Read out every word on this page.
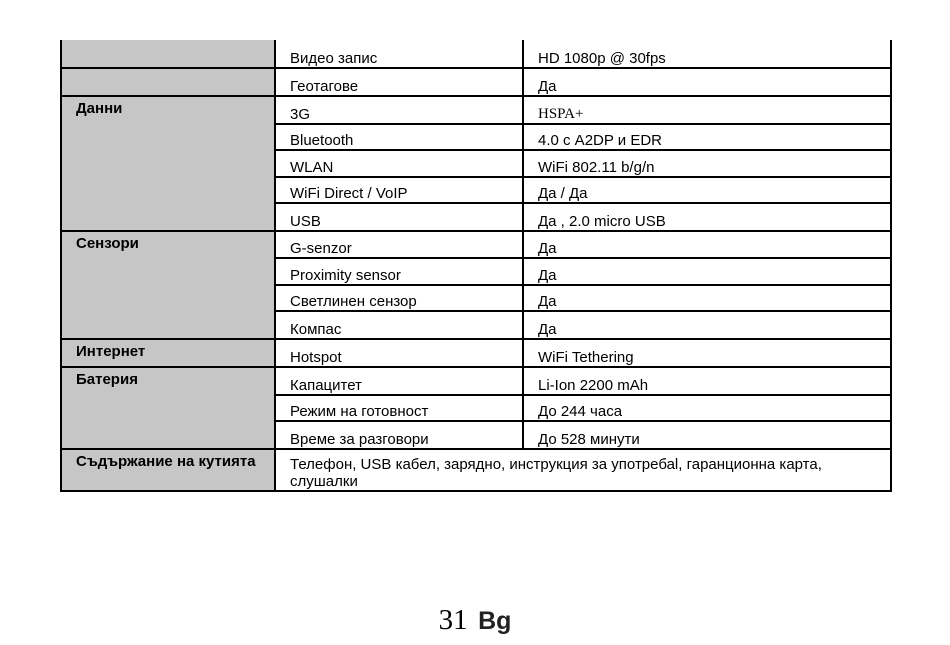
	Видео запис	HD 1080p @ 30fps
	Геотагове	Да
Данни	3G	HSPA+
	Bluetooth	4.0 с A2DP и EDR
	WLAN	WiFi 802.11 b/g/n
	WiFi Direct / VoIP	Да / Да
	USB	Да , 2.0 micro USB
Сензори	G-senzor	Да
	Proximity sensor	Да
	Светлинен сензор	Да
	Компас	Да
Интернет	Hotspot	WiFi Tethering
Батерия	Капацитет	Li-Ion 2200 mAh
	Режим на готовност	До 244 часа
	Време за разговори	До 528 минути
Съдържание на кутията	Телефон, USB кабел, зарядно, инструкция за употребаl, гаранционна карта, слушалки	
31 Bg
